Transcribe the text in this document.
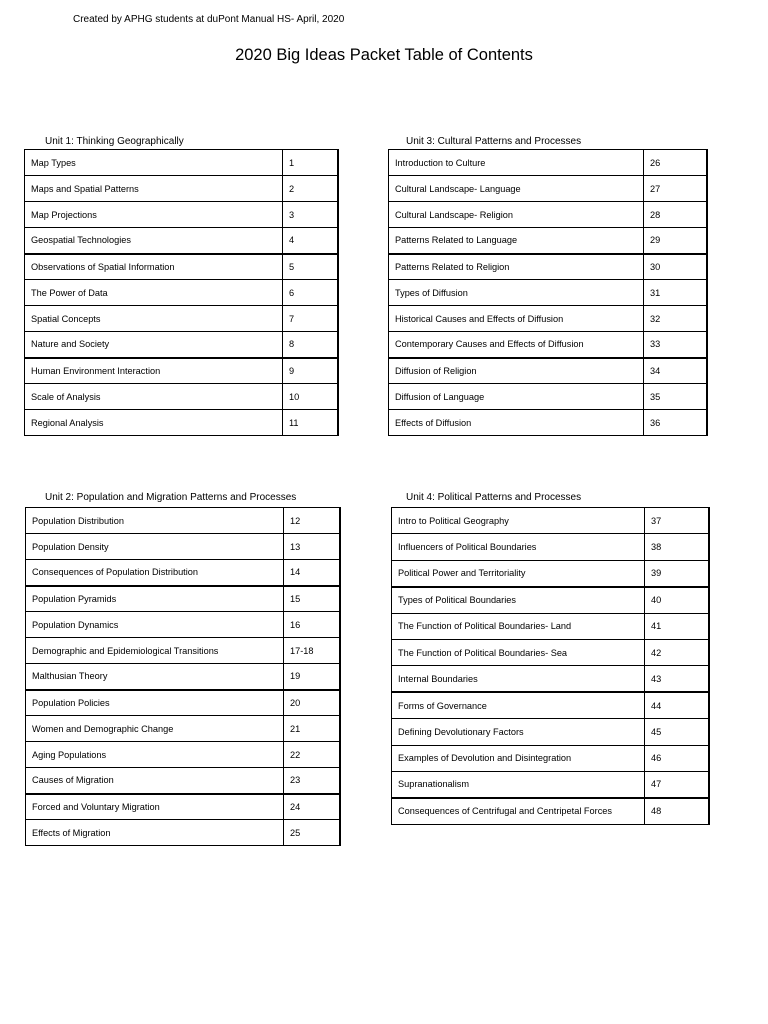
Created by APHG students at duPont Manual HS- April, 2020
2020 Big Ideas Packet Table of Contents
Unit 1: Thinking Geographically
Map Types	1
Maps and Spatial Patterns	2
Map Projections	3
Geospatial Technologies	4
Observations of Spatial Information	5
The Power of Data	6
Spatial Concepts	7
Nature and Society	8
Human Environment Interaction	9
Scale of Analysis	10
Regional Analysis	11
Unit 3: Cultural Patterns and Processes
Introduction to Culture	26
Cultural Landscape- Language	27
Cultural Landscape- Religion	28
Patterns Related to Language	29
Patterns Related to Religion	30
Types of Diffusion	31
Historical Causes and Effects of Diffusion	32
Contemporary Causes and Effects of Diffusion	33
Diffusion of Religion	34
Diffusion of Language	35
Effects of Diffusion	36
Unit 2: Population and Migration Patterns and Processes
Population Distribution	12
Population Density	13
Consequences of Population Distribution	14
Population Pyramids	15
Population Dynamics	16
Demographic and Epidemiological Transitions	17-18
Malthusian Theory	19
Population Policies	20
Women and Demographic Change	21
Aging Populations	22
Causes of Migration	23
Forced and Voluntary Migration	24
Effects of Migration	25
Unit 4: Political Patterns and Processes
Intro to Political Geography	37
Influencers of Political Boundaries	38
Political Power and Territoriality	39
Types of Political Boundaries	40
The Function of Political Boundaries- Land	41
The Function of Political Boundaries- Sea	42
Internal Boundaries	43
Forms of Governance	44
Defining Devolutionary Factors	45
Examples of Devolution and Disintegration	46
Supranationalism	47
Consequences of Centrifugal and Centripetal Forces	48
